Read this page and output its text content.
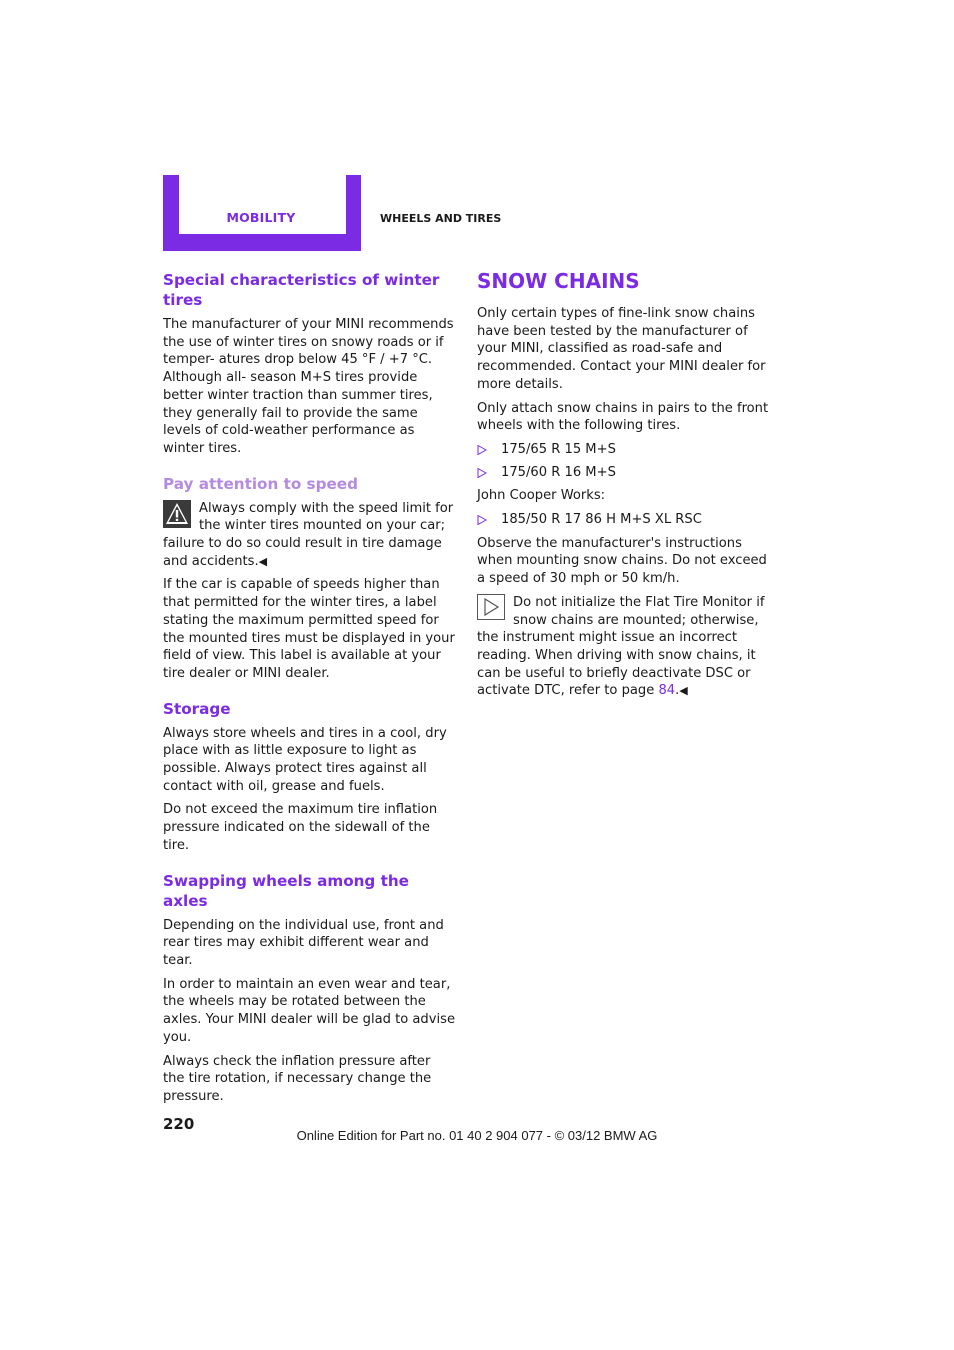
MOBILITY	WHEELS AND TIRES
Special characteristics of winter tires

The manufacturer of your MINI recommends the use of winter tires on snowy roads or if temper- atures drop below 45 °F / +7 °C. Although all- season M+S tires provide better winter traction than summer tires, they generally fail to provide the same levels of cold-weather performance as winter tires.

Pay attention to speed

Always comply with the speed limit for the winter tires mounted on your car; failure to do so could result in tire damage and accidents.◀

If the car is capable of speeds higher than that permitted for the winter tires, a label stating the maximum permitted speed for the mounted tires must be displayed in your field of view. This label is available at your tire dealer or MINI dealer.

Storage

Always store wheels and tires in a cool, dry place with as little exposure to light as possible. Always protect tires against all contact with oil, grease and fuels.

Do not exceed the maximum tire inflation pressure indicated on the sidewall of the tire.

Swapping wheels among the axles

Depending on the individual use, front and rear tires may exhibit different wear and tear.

In order to maintain an even wear and tear, the wheels may be rotated between the axles. Your MINI dealer will be glad to advise you.

Always check the inflation pressure after the tire rotation, if necessary change the pressure.

SNOW CHAINS

Only certain types of fine-link snow chains have been tested by the manufacturer of your MINI, classified as road-safe and recommended. Contact your MINI dealer for more details.

Only attach snow chains in pairs to the front wheels with the following tires.

175/65 R 15 M+S
175/60 R 16 M+S

John Cooper Works:

185/50 R 17 86 H M+S XL RSC

Observe the manufacturer's instructions when mounting snow chains. Do not exceed a speed of 30 mph or 50 km/h.

Do not initialize the Flat Tire Monitor if snow chains are mounted; otherwise, the instrument might issue an incorrect reading. When driving with snow chains, it can be useful to briefly deactivate DSC or activate DTC, refer to page 84.◀

220
Online Edition for Part no. 01 40 2 904 077 - © 03/12 BMW AG
